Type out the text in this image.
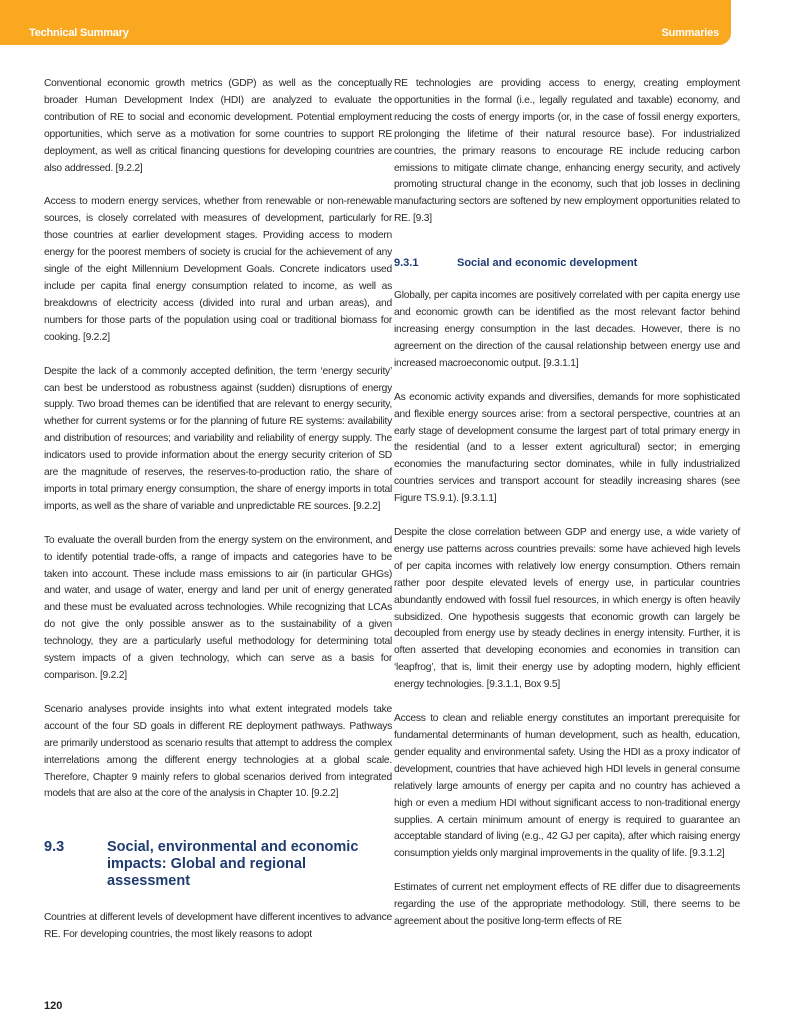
Technical Summary	Summaries

Conventional economic growth metrics (GDP) as well as the conceptually broader Human Development Index (HDI) are analyzed to evaluate the contribution of RE to social and economic development. Potential employment opportunities, which serve as a motivation for some countries to support RE deployment, as well as critical financing questions for developing countries are also addressed. [9.2.2]

Access to modern energy services, whether from renewable or non-renewable sources, is closely correlated with measures of development, particularly for those countries at earlier development stages. Providing access to modern energy for the poorest members of society is crucial for the achievement of any single of the eight Millennium Development Goals. Concrete indicators used include per capita final energy consumption related to income, as well as breakdowns of electricity access (divided into rural and urban areas), and numbers for those parts of the population using coal or traditional biomass for cooking. [9.2.2]

Despite the lack of a commonly accepted definition, the term ‘energy security’ can best be understood as robustness against (sudden) disruptions of energy supply. Two broad themes can be identified that are relevant to energy security, whether for current systems or for the planning of future RE systems: availability and distribution of resources; and variability and reliability of energy supply. The indicators used to provide information about the energy security criterion of SD are the magnitude of reserves, the reserves-to-production ratio, the share of imports in total primary energy consumption, the share of energy imports in total imports, as well as the share of variable and unpredictable RE sources. [9.2.2]

To evaluate the overall burden from the energy system on the environment, and to identify potential trade-offs, a range of impacts and categories have to be taken into account. These include mass emissions to air (in particular GHGs) and water, and usage of water, energy and land per unit of energy generated and these must be evaluated across technologies. While recognizing that LCAs do not give the only possible answer as to the sustainability of a given technology, they are a particularly useful methodology for determining total system impacts of a given technology, which can serve as a basis for comparison. [9.2.2]

Scenario analyses provide insights into what extent integrated models take account of the four SD goals in different RE deployment pathways. Pathways are primarily understood as scenario results that attempt to address the complex interrelations among the different energy technologies at a global scale. Therefore, Chapter 9 mainly refers to global scenarios derived from integrated models that are also at the core of the analysis in Chapter 10. [9.2.2]

9.3	Social, environmental and economic impacts: Global and regional assessment

Countries at different levels of development have different incentives to advance RE. For developing countries, the most likely reasons to adopt

RE technologies are providing access to energy, creating employment opportunities in the formal (i.e., legally regulated and taxable) economy, and reducing the costs of energy imports (or, in the case of fossil energy exporters, prolonging the lifetime of their natural resource base). For industrialized countries, the primary reasons to encourage RE include reducing carbon emissions to mitigate climate change, enhancing energy security, and actively promoting structural change in the economy, such that job losses in declining manufacturing sectors are softened by new employment opportunities related to RE. [9.3]

9.3.1	Social and economic development

Globally, per capita incomes are positively correlated with per capita energy use and economic growth can be identified as the most relevant factor behind increasing energy consumption in the last decades. However, there is no agreement on the direction of the causal relationship between energy use and increased macroeconomic output. [9.3.1.1]

As economic activity expands and diversifies, demands for more sophisticated and flexible energy sources arise: from a sectoral perspective, countries at an early stage of development consume the largest part of total primary energy in the residential (and to a lesser extent agricultural) sector; in emerging economies the manufacturing sector dominates, while in fully industrialized countries services and transport account for steadily increasing shares (see Figure TS.9.1). [9.3.1.1]

Despite the close correlation between GDP and energy use, a wide variety of energy use patterns across countries prevails: some have achieved high levels of per capita incomes with relatively low energy consumption. Others remain rather poor despite elevated levels of energy use, in particular countries abundantly endowed with fossil fuel resources, in which energy is often heavily subsidized. One hypothesis suggests that economic growth can largely be decoupled from energy use by steady declines in energy intensity. Further, it is often asserted that developing economies and economies in transition can ‘leapfrog’, that is, limit their energy use by adopting modern, highly efficient energy technologies. [9.3.1.1, Box 9.5]

Access to clean and reliable energy constitutes an important prerequisite for fundamental determinants of human development, such as health, education, gender equality and environmental safety. Using the HDI as a proxy indicator of development, countries that have achieved high HDI levels in general consume relatively large amounts of energy per capita and no country has achieved a high or even a medium HDI without significant access to non-traditional energy supplies. A certain minimum amount of energy is required to guarantee an acceptable standard of living (e.g., 42 GJ per capita), after which raising energy consumption yields only marginal improvements in the quality of life. [9.3.1.2]

Estimates of current net employment effects of RE differ due to disagreements regarding the use of the appropriate methodology. Still, there seems to be agreement about the positive long-term effects of RE

120
